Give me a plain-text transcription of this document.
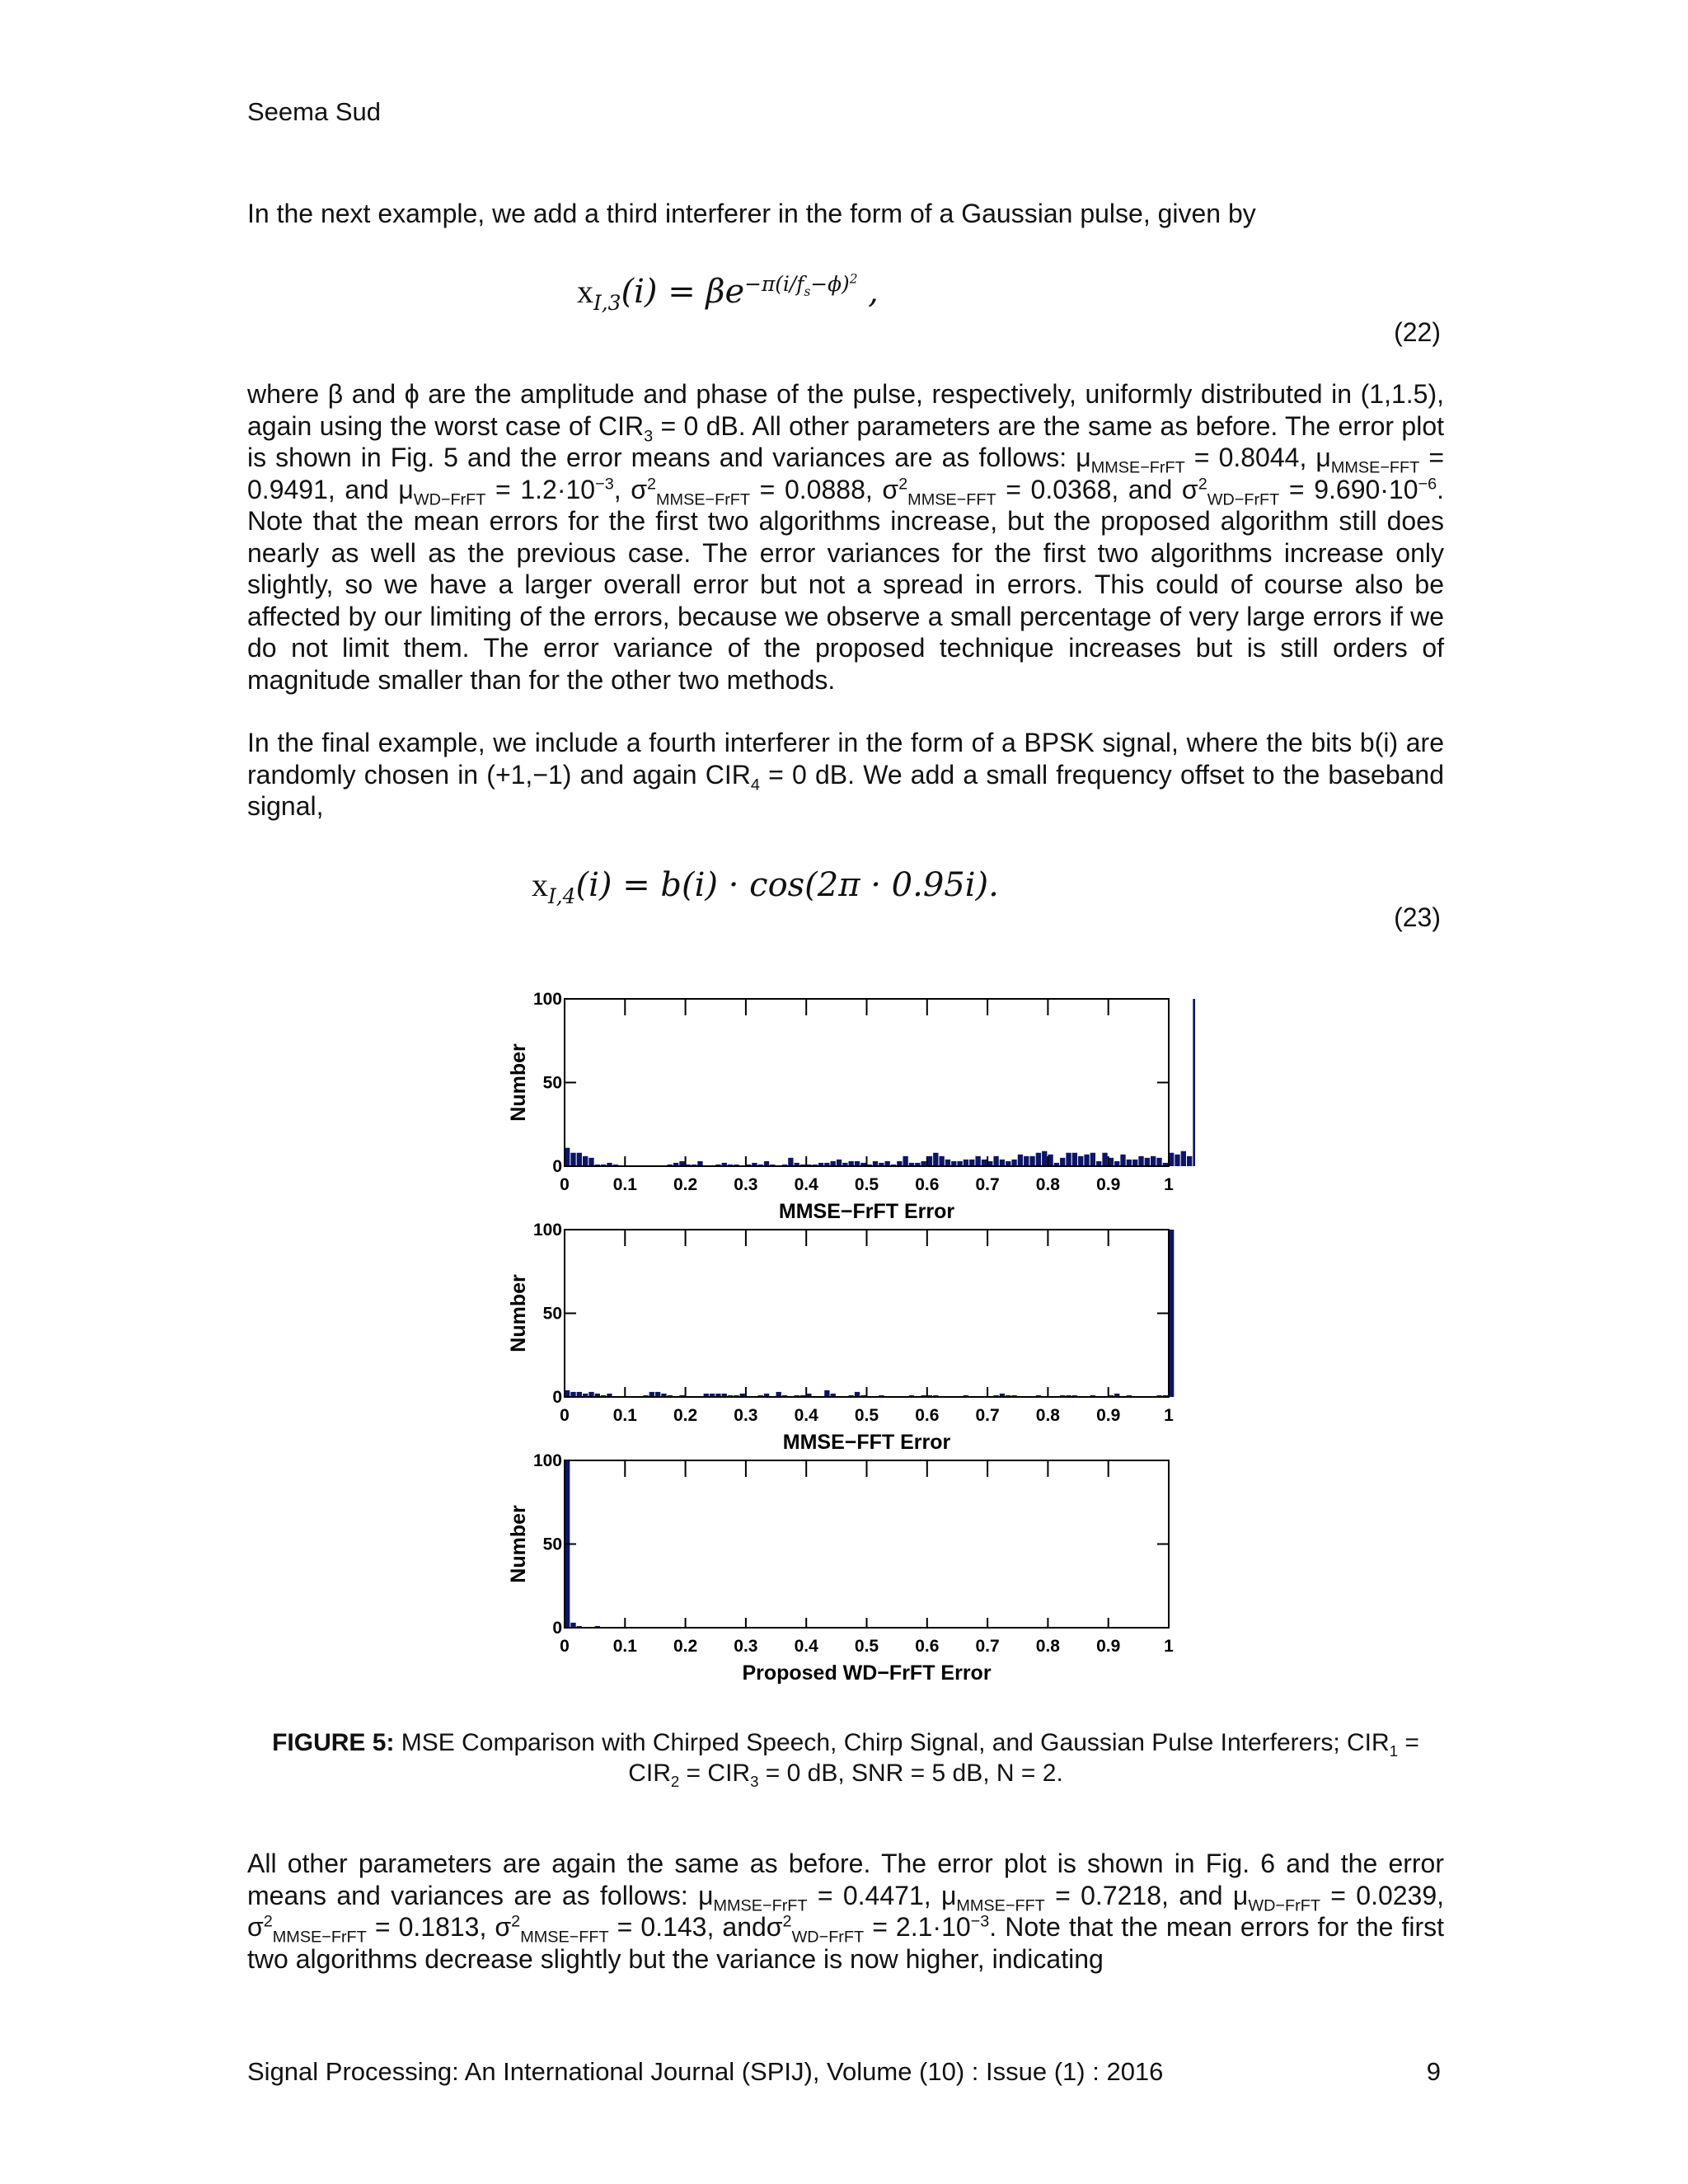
Seema Sud

In the next example, we add a third interferer in the form of a Gaussian pulse, given by

$x_{I,3}(i) = \beta e^{-\pi(i/f_s-\phi)^2}$ ,
(22)

where β and ϕ are the amplitude and phase of the pulse, respectively, uniformly distributed in (1,1.5), again using the worst case of $CIR_3 = 0$ dB. All other parameters are the same as before. The error plot is shown in Fig. 5 and the error means and variances are as follows: $\mu_{MMSE-FrFT} = 0.8044$, $\mu_{MMSE-FFT} = 0.9491$, and $\mu_{WD-FrFT} = 1.2\cdot 10^{-3}$, $\sigma^2_{MMSE-FrFT} = 0.0888$, $\sigma^2_{MMSE-FFT} = 0.0368$, and $\sigma^2_{WD-FrFT} = 9.690\cdot 10^{-6}$. Note that the mean errors for the first two algorithms increase, but the proposed algorithm still does nearly as well as the previous case. The error variances for the first two algorithms increase only slightly, so we have a larger overall error but not a spread in errors. This could of course also be affected by our limiting of the errors, because we observe a small percentage of very large errors if we do not limit them. The error variance of the proposed technique increases but is still orders of magnitude smaller than for the other two methods.

In the final example, we include a fourth interferer in the form of a BPSK signal, where the bits b(i) are randomly chosen in (+1,−1) and again $CIR_4 = 0$ dB. We add a small frequency offset to the baseband signal,

$x_{I,4}(i) = b(i) \cdot \cos(2\pi \cdot 0.95i)$.
(23)
0	0.1 0.2 0.3 0.4 0.5 0.6 0.7 0.8 0.9	1
0
50
100
Number
MMSE−FrFT Error
0	0.1 0.2 0.3 0.4 0.5 0.6 0.7 0.8 0.9	1
0
50
100
Number
MMSE−FFT Error
0	0.1 0.2 0.3 0.4 0.5 0.6 0.7 0.8 0.9	1
0
50
100
Number
Proposed WD−FrFT Error
FIGURE 5: MSE Comparison with Chirped Speech, Chirp Signal, and Gaussian Pulse Interferers; $CIR_1 = CIR_2 = CIR_3 = 0$ dB, SNR = 5 dB, N = 2.

All other parameters are again the same as before. The error plot is shown in Fig. 6 and the error means and variances are as follows: $\mu_{MMSE-FrFT} = 0.4471$, $\mu_{MMSE-FFT} = 0.7218$, and $\mu_{WD-FrFT} = 0.0239$, $\sigma^2_{MMSE-FrFT} = 0.1813$, $\sigma^2_{MMSE-FFT} = 0.143$, $and\sigma^2_{WD-FrFT} = 2.1\cdot 10^{-3}$. Note that the mean errors for the first two algorithms decrease slightly but the variance is now higher, indicating

Signal Processing: An International Journal (SPIJ), Volume (10) : Issue (1) : 2016	9
